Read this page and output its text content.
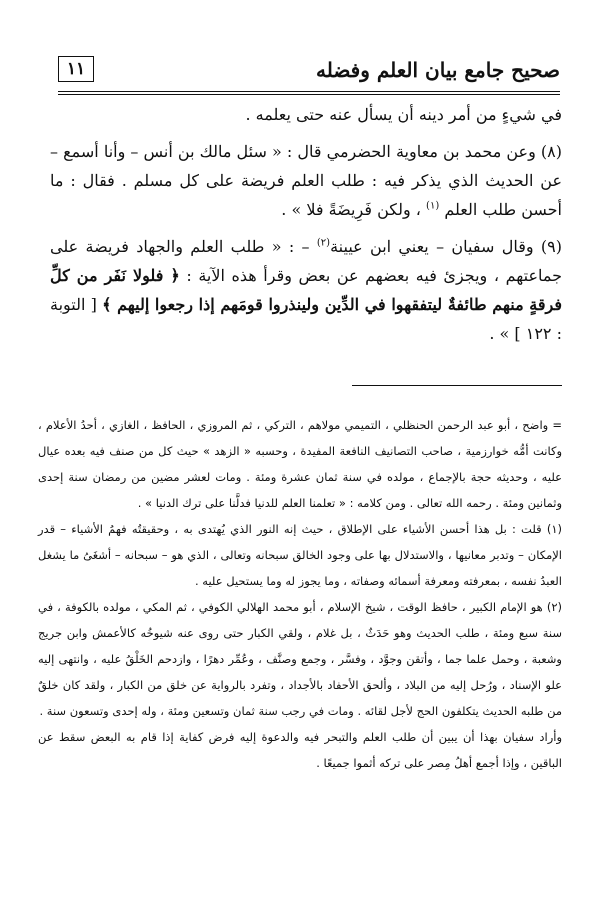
صحيح جامع بيان العلم وفضله
١١

في شيءٍ من أمر دينه أن يسأل عنه حتى يعلمه .

(٨) وعن محمد بن معاوية الحضرمي قال : « سئل مالك بن أنس – وأنا أسمع – عن الحديث الذي يذكر فيه : طلب العلم فريضة على كل مسلم . فقال : ما أحسن طلب العلم $^{(١)}$ ، ولكن فَرِيضَةً فلا » .

(٩) وقال سفيان – يعني ابن عيينة$^{(٢)}$ – : « طلب العلم والجهاد فريضة على جماعتهم ، ويجزئ فيه بعضهم عن بعض وقرأ هذه الآية : ﴿ فلولا نَفَر من كلِّ فرقةٍ منهم طائفةٌ ليتفقهوا في الدِّين ولينذروا قومَهم إذا رجعوا إليهم ﴾ [ التوبة : ١٢٢ ] » .

= واضح ، أبو عبد الرحمن الحنظلي ، التميمي مولاهم ، التركي ، ثم المروزي ، الحافظ ، الغازي ، أحدُ الأعلام ، وكانت أمُّه خوارزمية ، صاحب التصانيف النافعة المفيدة ، وحسبه « الزهد » حيث كل من صنف فيه بعده عيال عليه ، وحديثه حجة بالإجماع ، مولده في سنة ثمان عشرة ومئة . ومات لعشر مضين من رمضان سنة إحدى وثمانين ومئة . رحمه الله تعالى . ومن كلامه : « تعلمنا العلم للدنيا فدلَّنا على ترك الدنيا » .

(١) قلت : بل هذا أحسن الأشياء على الإطلاق ، حيث إنه النور الذي يُهتدى به ، وحقيقتُه فهمُ الأشياء – قدر الإمكان – وتدبر معانيها ، والاستدلال بها على وجود الخالق سبحانه وتعالى ، الذي هو – سبحانه – أشغَىُ ما يشغل العبدُ نفسه ، بمعرفته ومعرفة أسمائه وصفاته ، وما يجوز له وما يستحيل عليه .

(٢) هو الإمام الكبير ، حافظ الوقت ، شيخ الإسلام ، أبو محمد الهلالي الكوفي ، ثم المكي ، مولده بالكوفة ، في سنة سبع ومئة ، طلب الحديث وهو حَدَثٌ ، بل غلام ، ولقي الكبار حتى روى عنه شيوخُه كالأعمش وابن جريج وشعبة ، وحمل علما جما ، وأتقن وجوَّد ، وفسَّر ، وجمع وصنَّف ، وعُمِّر دهرًا ، وازدحم الخَلْقُ عليه ، وانتهى إليه علو الإسناد ، ورُحل إليه من البلاد ، وألحق الأحفاد بالأجداد ، وتفرد بالرواية عن خلق من الكبار ، ولقد كان خلقٌ من طلبه الحديث يتكلفون الحج لأجل لقائه . ومات في رجب سنة ثمان وتسعين ومئة ، وله إحدى وتسعون سنة .

وأراد سفيان بهذا أن يبين أن طلب العلم والتبحر فيه والدعوة إليه فرض كفاية إذا قام به البعض سقط عن الباقين ، وإذا أجمع أهلُ مِصر على تركه أثموا جميعًا .
